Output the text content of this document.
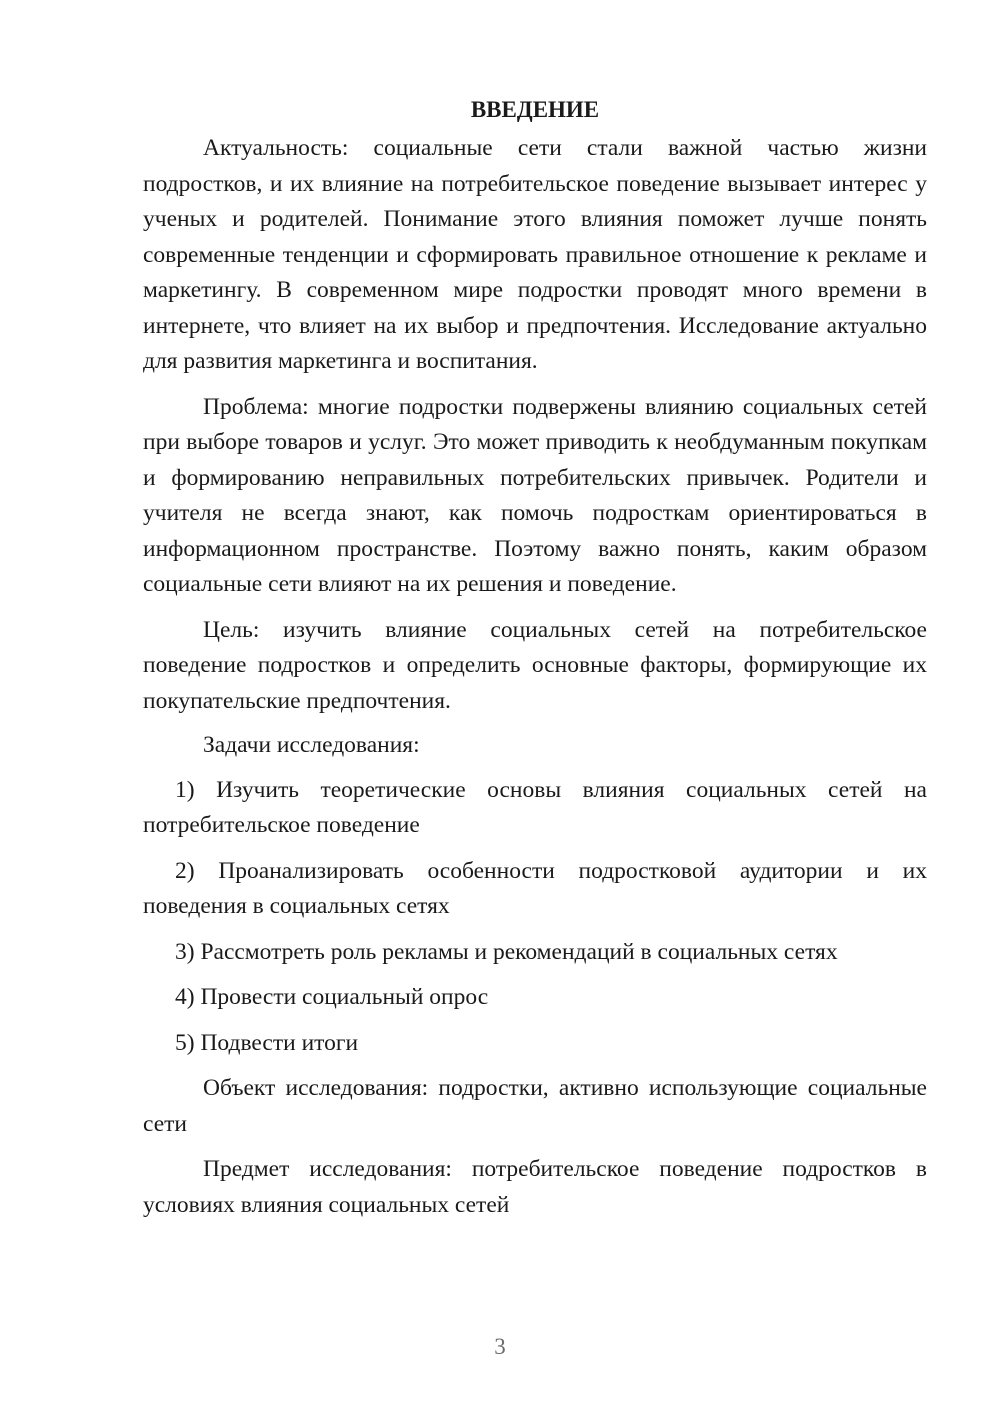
ВВЕДЕНИЕ

Актуальность: социальные сети стали важной частью жизни подростков, и их влияние на потребительское поведение вызывает интерес у ученых и родителей. Понимание этого влияния поможет лучше понять современные тенденции и сформировать правильное отношение к рекламе и маркетингу. В современном мире подростки проводят много времени в интернете, что влияет на их выбор и предпочтения. Исследование актуально для развития маркетинга и воспитания.

Проблема: многие подростки подвержены влиянию социальных сетей при выборе товаров и услуг. Это может приводить к необдуманным покупкам и формированию неправильных потребительских привычек. Родители и учителя не всегда знают, как помочь подросткам ориентироваться в информационном пространстве. Поэтому важно понять, каким образом социальные сети влияют на их решения и поведение.

Цель: изучить влияние социальных сетей на потребительское поведение подростков и определить основные факторы, формирующие их покупательские предпочтения.

Задачи исследования:

1) Изучить теоретические основы влияния социальных сетей на потребительское поведение

2) Проанализировать особенности подростковой аудитории и их поведения в социальных сетях

3) Рассмотреть роль рекламы и рекомендаций в социальных сетях

4) Провести социальный опрос

5) Подвести итоги

Объект исследования: подростки, активно использующие социальные сети

Предмет исследования: потребительское поведение подростков в условиях влияния социальных сетей

3
